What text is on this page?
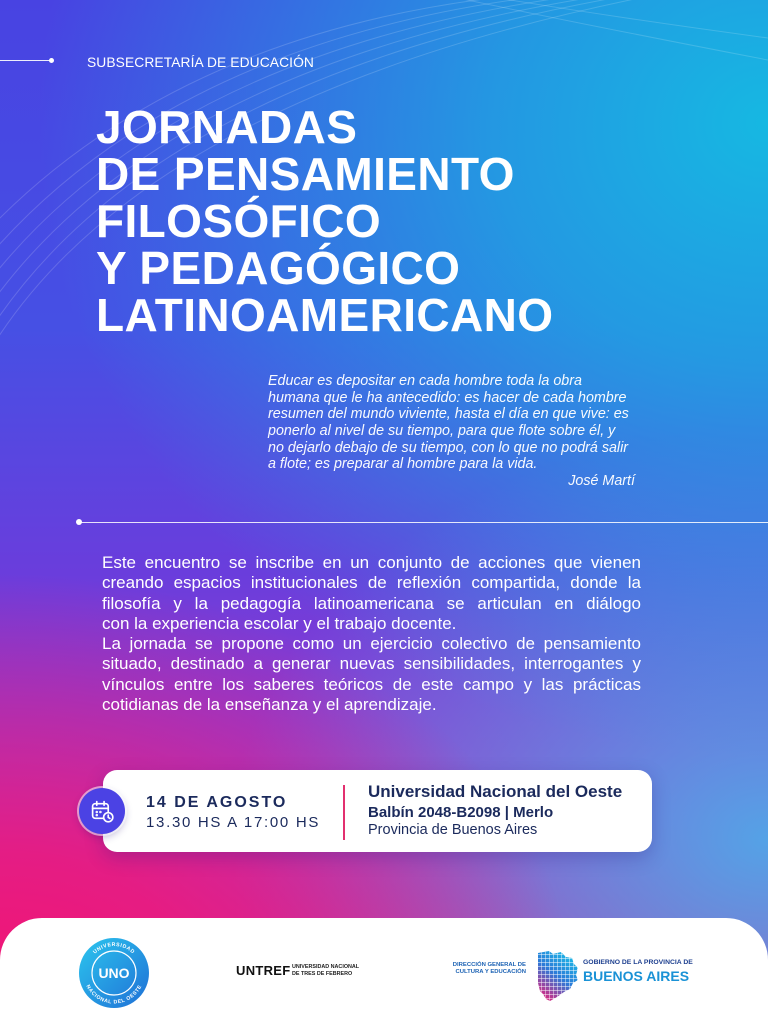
SUBSECRETARÍA DE EDUCACIÓN
JORNADAS
DE PENSAMIENTO
FILOSÓFICO
Y PEDAGÓGICO
LATINOAMERICANO
Educar es depositar en cada hombre toda la obra
humana que le ha antecedido: es hacer de cada hombre
resumen del mundo viviente, hasta el día en que vive: es
ponerlo al nivel de su tiempo, para que flote sobre él, y
no dejarlo debajo de su tiempo, con lo que no podrá salir
a flote; es preparar al hombre para la vida.
José Martí
Este encuentro se inscribe en un conjunto de acciones que vienen
creando espacios institucionales de reflexión compartida, donde la
filosofía y la pedagogía latinoamericana se articulan en diálogo
con la experiencia escolar y el trabajo docente.
La jornada se propone como un ejercicio colectivo de pensamiento
situado, destinado a generar nuevas sensibilidades, interrogantes y
vínculos entre los saberes teóricos de este campo y las prácticas
cotidianas de la enseñanza y el aprendizaje.
14 DE AGOSTO
13.30 HS A 17:00 HS
Universidad Nacional del Oeste
Balbín 2048-B2098 | Merlo
Provincia de Buenos Aires
UNO
UNIVERSIDAD
NACIONAL DEL OESTE
UNTREF UNIVERSIDAD NACIONAL
DE TRES DE FEBRERO
DIRECCIÓN GENERAL DE
CULTURA Y EDUCACIÓN
GOBIERNO DE LA PROVINCIA DE
BUENOS AIRES
